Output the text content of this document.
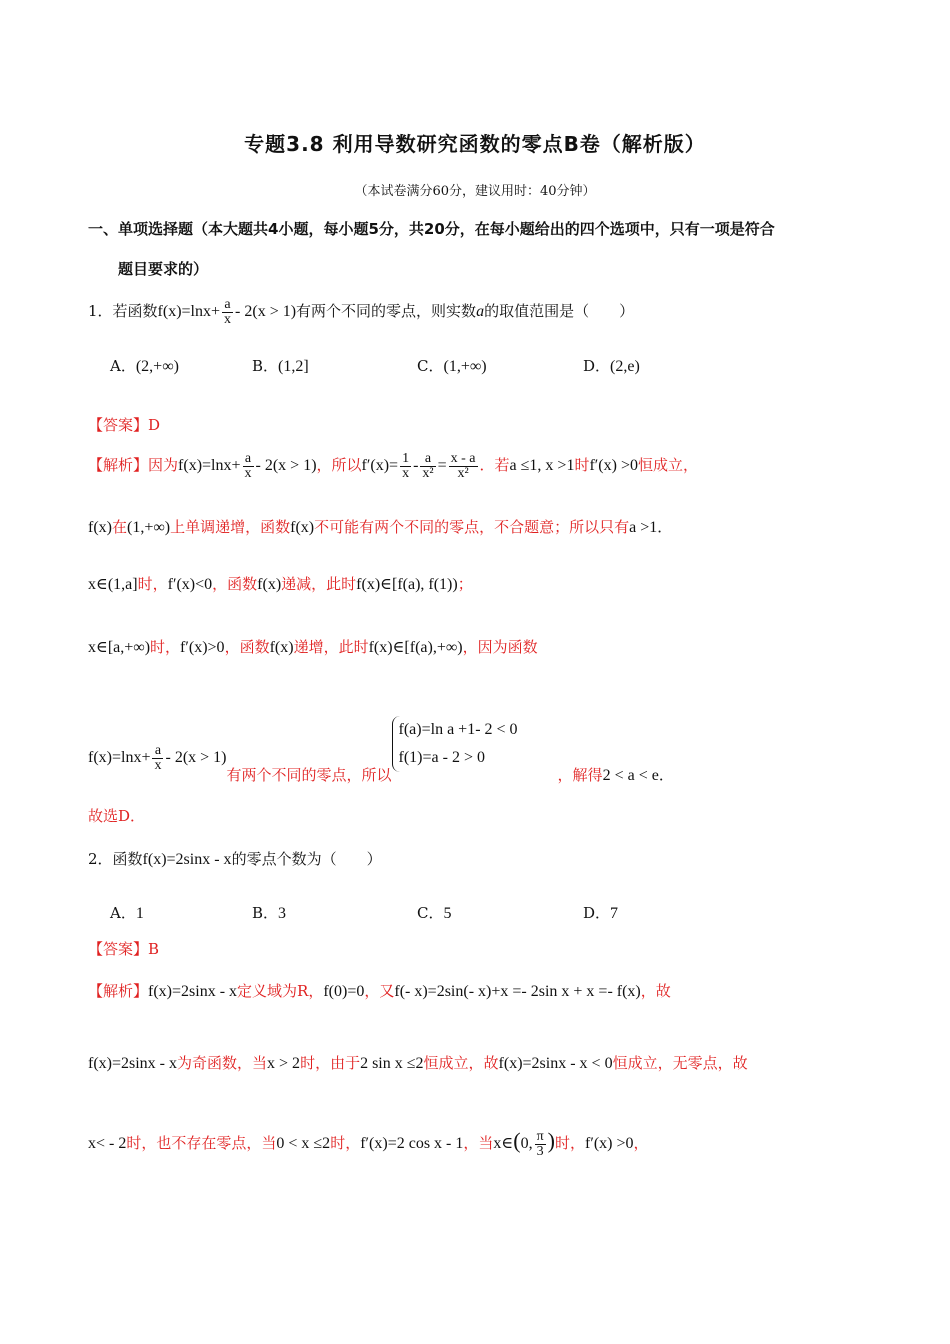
专题3.8 利用导数研究函数的零点B卷（解析版）
（本试卷满分60分，建议用时：40分钟）
一、单项选择题（本大题共4小题，每小题5分，共20分，在每小题给出的四个选项中，只有一项是符合
题目要求的）
1．若函数$f(x)=\ln x+ \frac{a}{x} - 2(x > 1)$有两个不同的零点，则实数a的取值范围是（　　）
A．(2,+∞)	B．(1,2]	C．(1,+∞)	D．(2,e)
【答案】D
【解析】因为$f(x)=\ln x+ \frac{a}{x} - 2(x > 1)$，所以$f'(x)= \frac{1}{x} - \frac{a}{\text{x²}} = \frac{x - a}{\text{x²}}$ ．若a ≤1, x >1时f′(x) >0恒成立，
f(x)在(1,+∞)上单调递增，函数f(x)不可能有两个不同的零点，不合题意；所以只有a >1．
x∈(1,a]时，f′(x)<0，函数f(x)递减，此时f(x)∈[f(a), f(1))；
x∈[a,+∞)时，f′(x)>0，函数f(x)递增，此时f(x)∈[f(a),+∞)，因为函数
$f(x)=\ln x+ \frac{a}{x} - 2(x > 1)$有两个不同的零点，所以
f(a)=ln a +1- 2 < 0
f(1)=a - 2 > 0
，解得2 < a < e．
故选D．
2．函数f(x)=2sinx - x的零点个数为（　　）
A．1	B．3	C．5	D．7
【答案】B
【解析】f(x)=2sinx - x定义域为R，f(0)=0，又f(- x)=2sin(- x)+x =- 2sin x + x =- f(x)，故
f(x)=2sinx - x为奇函数，当x > 2时，由于2 sin x ≤2恒成立，故f(x)=2sinx - x < 0恒成立，无零点，故
x< - 2时，也不存在零点，当0 < x ≤2时，f′(x)=2 cos x - 1，当x∈(0, $\frac{\pi}{3}$ )时，f′(x) >0，
